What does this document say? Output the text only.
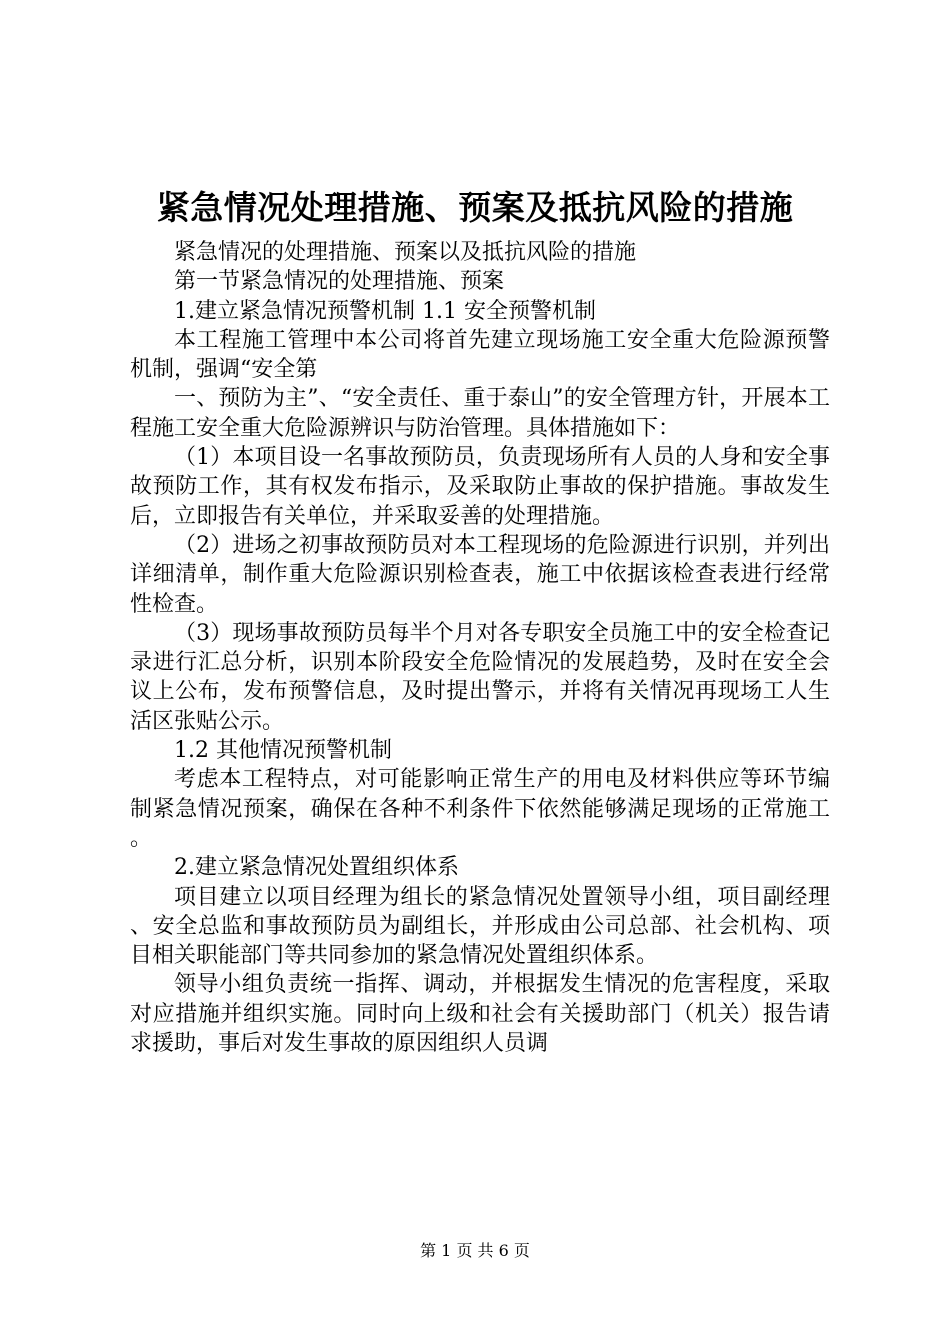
紧急情况处理措施、预案及抵抗风险的措施

紧急情况的处理措施、预案以及抵抗风险的措施

第一节紧急情况的处理措施、预案

1.建立紧急情况预警机制 1.1 安全预警机制

本工程施工管理中本公司将首先建立现场施工安全重大危险源预警机制，强调“安全第

一、预防为主”、“安全责任、重于泰山”的安全管理方针，开展本工程施工安全重大危险源辨识与防治管理。具体措施如下：

（1）本项目设一名事故预防员，负责现场所有人员的人身和安全事故预防工作，其有权发布指示，及采取防止事故的保护措施。事故发生后，立即报告有关单位，并采取妥善的处理措施。

（2）进场之初事故预防员对本工程现场的危险源进行识别，并列出详细清单，制作重大危险源识别检查表，施工中依据该检查表进行经常性检查。

（3）现场事故预防员每半个月对各专职安全员施工中的安全检查记录进行汇总分析，识别本阶段安全危险情况的发展趋势，及时在安全会议上公布，发布预警信息，及时提出警示，并将有关情况再现场工人生活区张贴公示。

1.2 其他情况预警机制

考虑本工程特点，对可能影响正常生产的用电及材料供应等环节编制紧急情况预案，确保在各种不利条件下依然能够满足现场的正常施工。

2.建立紧急情况处置组织体系

项目建立以项目经理为组长的紧急情况处置领导小组，项目副经理、安全总监和事故预防员为副组长，并形成由公司总部、社会机构、项目相关职能部门等共同参加的紧急情况处置组织体系。

领导小组负责统一指挥、调动，并根据发生情况的危害程度，采取对应措施并组织实施。同时向上级和社会有关援助部门（机关）报告请求援助，事后对发生事故的原因组织人员调

第 1 页 共 6 页
